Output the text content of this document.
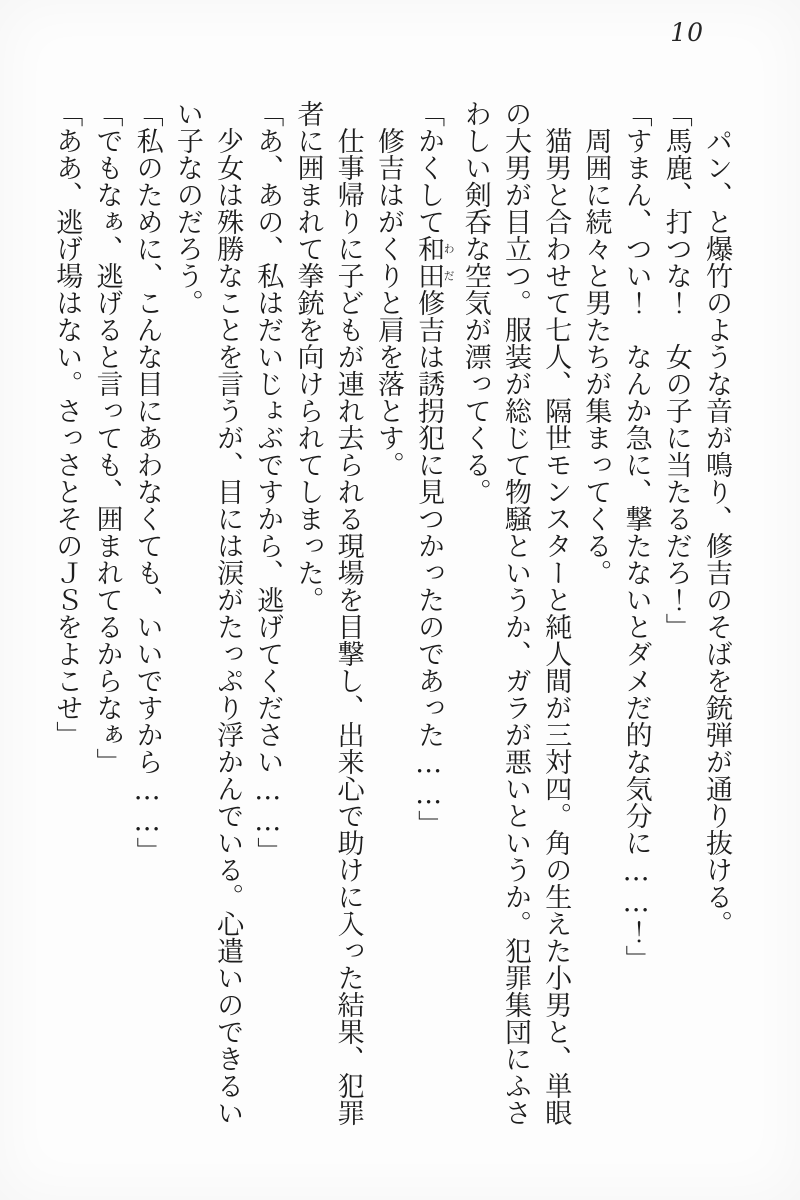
10

パン、と爆竹のような音が鳴り、修吉のそばを銃弾が通り抜ける。

「馬鹿、打つな！　女の子に当たるだろ！」

「すまん、つい！　なんか急に、撃たないとダメだ的な気分に……！」

周囲に続々と男たちが集まってくる。

猫男と合わせて七人、隔世モンスターと純人間が三対四。角の生えた小男と、単眼の大男が目立つ。服装が総じて物騒というか、ガラが悪いというか。犯罪集団にふさわしい剣呑な空気が漂ってくる。

「かくして和田わだ修吉は誘拐犯に見つかったのであった……」

修吉はがくりと肩を落とす。

仕事帰りに子どもが連れ去られる現場を目撃し、出来心で助けに入った結果、犯罪者に囲まれて拳銃を向けられてしまった。

「あ、あの、私はだいじょぶですから、逃げてください……」

少女は殊勝なことを言うが、目には涙がたっぷり浮かんでいる。心遣いのできるいい子なのだろう。

「私のために、こんな目にあわなくても、いいですから……」

「でもなぁ、逃げると言っても、囲まれてるからなぁ」

「ああ、逃げ場はない。さっさとそのＪＳをよこせ」
